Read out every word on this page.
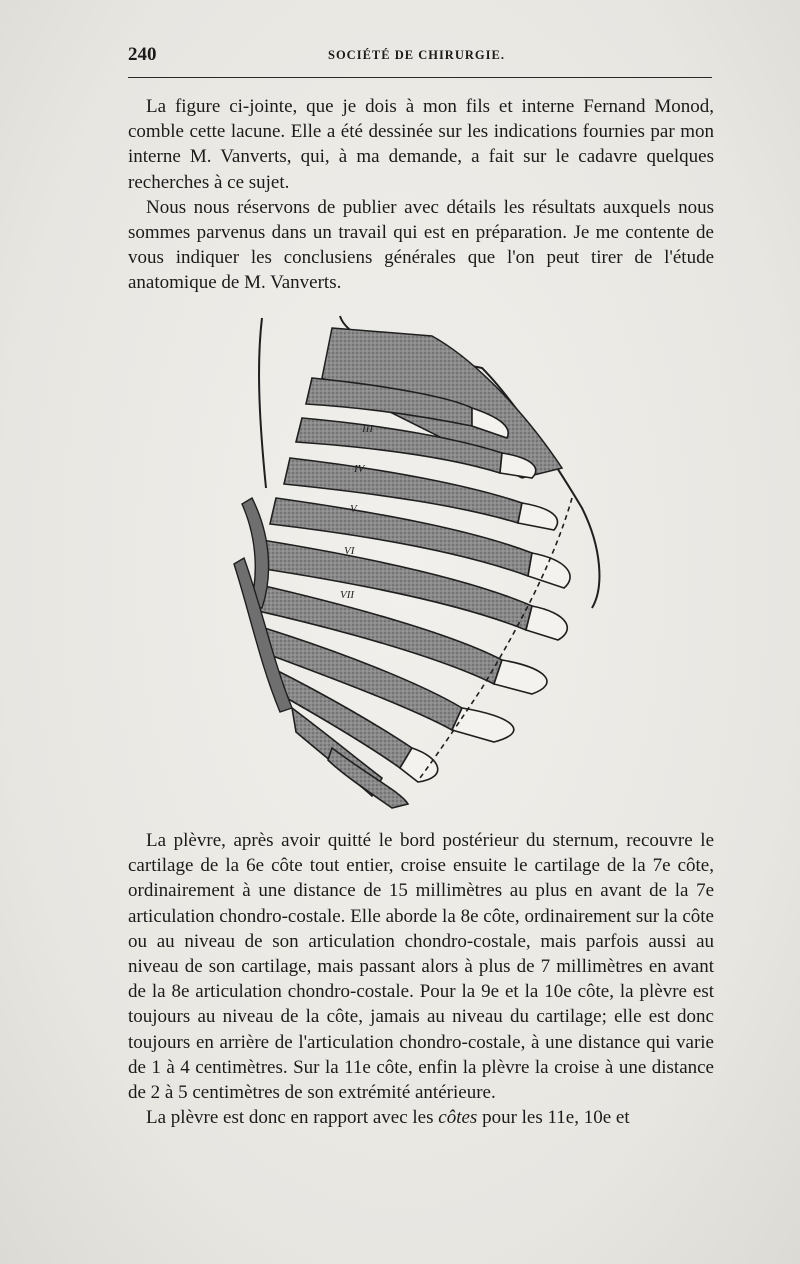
240	SOCIÉTÉ DE CHIRURGIE.

La figure ci-jointe, que je dois à mon fils et interne Fernand Monod, comble cette lacune. Elle a été dessinée sur les indications fournies par mon interne M. Vanverts, qui, à ma demande, a fait sur le cadavre quelques recherches à ce sujet.

Nous nous réservons de publier avec détails les résultats auxquels nous sommes parvenus dans un travail qui est en préparation. Je me contente de vous indiquer les conclusiens générales que l'on peut tirer de l'étude anatomique de M. Vanverts.

III
IV
V
VI
VII

La plèvre, après avoir quitté le bord postérieur du sternum, recouvre le cartilage de la 6e côte tout entier, croise ensuite le cartilage de la 7e côte, ordinairement à une distance de 15 millimètres au plus en avant de la 7e articulation chondro-costale. Elle aborde la 8e côte, ordinairement sur la côte ou au niveau de son articulation chondro-costale, mais parfois aussi au niveau de son cartilage, mais passant alors à plus de 7 millimètres en avant de la 8e articulation chondro-costale. Pour la 9e et la 10e côte, la plèvre est toujours au niveau de la côte, jamais au niveau du cartilage; elle est donc toujours en arrière de l'articulation chondro-costale, à une distance qui varie de 1 à 4 centimètres. Sur la 11e côte, enfin la plèvre la croise à une distance de 2 à 5 centimètres de son extrémité antérieure.

La plèvre est donc en rapport avec les côtes pour les 11e, 10e et
